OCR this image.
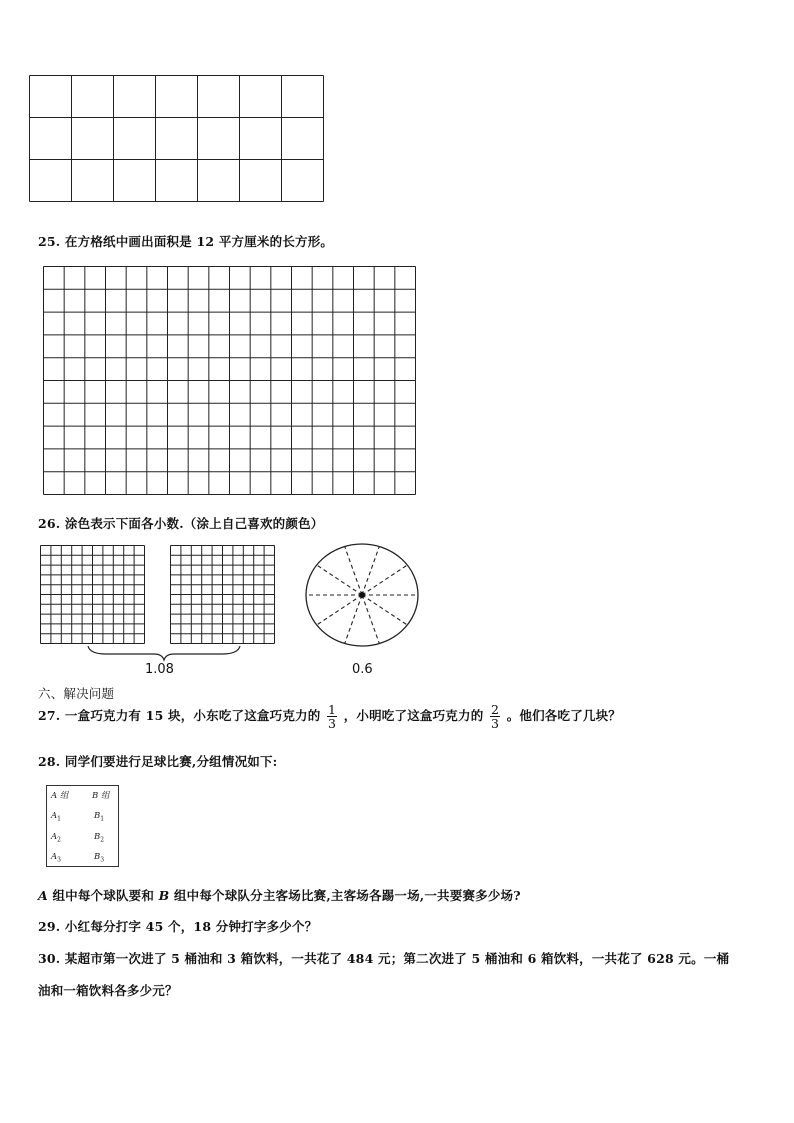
25. 在方格纸中画出面积是 12 平方厘米的长方形。
26. 涂色表示下面各小数.（涂上自己喜欢的颜色）
1.08	0.6
六、解决问题
27. 一盒巧克力有 15 块，小东吃了这盒巧克力的 $\frac{1}{3}$ ，小明吃了这盒巧克力的 $\frac{2}{3}$ 。他们各吃了几块？
28. 同学们要进行足球比赛,分组情况如下:
A 组	B 组
$A_1$	$B_1$
$A_2$	$B_2$
$A_3$	$B_3$
A 组中每个球队要和 B 组中每个球队分主客场比赛,主客场各踢一场,一共要赛多少场?
29. 小红每分打字 45 个，18 分钟打字多少个？
30. 某超市第一次进了 5 桶油和 3 箱饮料，一共花了 484 元；第二次进了 5 桶油和 6 箱饮料，一共花了 628 元。一桶
油和一箱饮料各多少元？
